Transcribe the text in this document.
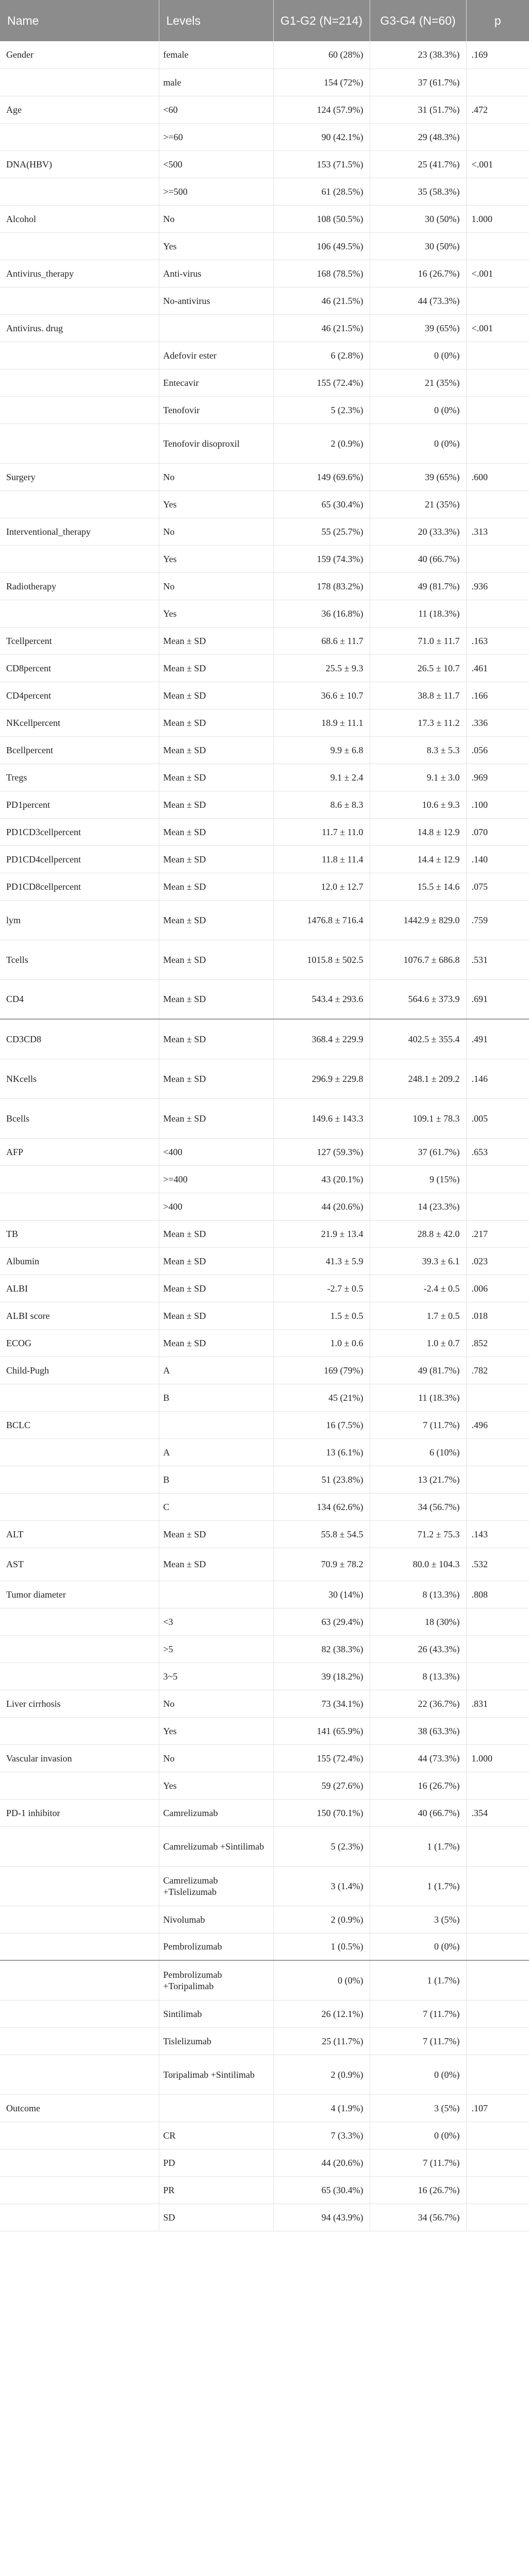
Name	Levels	G1-G2 (N=214)	G3-G4 (N=60)	p
Gender	female	60 (28%)	23 (38.3%)	.169
	male	154 (72%)	37 (61.7%)	
Age	<60	124 (57.9%)	31 (51.7%)	.472
	>=60	90 (42.1%)	29 (48.3%)	
DNA(HBV)	<500	153 (71.5%)	25 (41.7%)	<.001
	>=500	61 (28.5%)	35 (58.3%)	
Alcohol	No	108 (50.5%)	30 (50%)	1.000
	Yes	106 (49.5%)	30 (50%)	
Antivirus_therapy	Anti-virus	168 (78.5%)	16 (26.7%)	<.001
	No-antivirus	46 (21.5%)	44 (73.3%)	
Antivirus. drug		46 (21.5%)	39 (65%)	<.001
	Adefovir ester	6 (2.8%)	0 (0%)	
	Entecavir	155 (72.4%)	21 (35%)	
	Tenofovir	5 (2.3%)	0 (0%)	
	Tenofovir disoproxil	2 (0.9%)	0 (0%)	
Surgery	No	149 (69.6%)	39 (65%)	.600
	Yes	65 (30.4%)	21 (35%)	
Interventional_therapy	No	55 (25.7%)	20 (33.3%)	.313
	Yes	159 (74.3%)	40 (66.7%)	
Radiotherapy	No	178 (83.2%)	49 (81.7%)	.936
	Yes	36 (16.8%)	11 (18.3%)	
Tcellpercent	Mean ± SD	68.6 ± 11.7	71.0 ± 11.7	.163
CD8percent	Mean ± SD	25.5 ± 9.3	26.5 ± 10.7	.461
CD4percent	Mean ± SD	36.6 ± 10.7	38.8 ± 11.7	.166
NKcellpercent	Mean ± SD	18.9 ± 11.1	17.3 ± 11.2	.336
Bcellpercent	Mean ± SD	9.9 ± 6.8	8.3 ± 5.3	.056
Tregs	Mean ± SD	9.1 ± 2.4	9.1 ± 3.0	.969
PD1percent	Mean ± SD	8.6 ± 8.3	10.6 ± 9.3	.100
PD1CD3cellpercent	Mean ± SD	11.7 ± 11.0	14.8 ± 12.9	.070
PD1CD4cellpercent	Mean ± SD	11.8 ± 11.4	14.4 ± 12.9	.140
PD1CD8cellpercent	Mean ± SD	12.0 ± 12.7	15.5 ± 14.6	.075
lym	Mean ± SD	1476.8 ± 716.4	1442.9 ± 829.0	.759
Tcells	Mean ± SD	1015.8 ± 502.5	1076.7 ± 686.8	.531
CD4	Mean ± SD	543.4 ± 293.6	564.6 ± 373.9	.691
CD3CD8	Mean ± SD	368.4 ± 229.9	402.5 ± 355.4	.491
NKcells	Mean ± SD	296.9 ± 229.8	248.1 ± 209.2	.146
Bcells	Mean ± SD	149.6 ± 143.3	109.1 ± 78.3	.005
AFP	<400	127 (59.3%)	37 (61.7%)	.653
	>=400	43 (20.1%)	9 (15%)	
	>400	44 (20.6%)	14 (23.3%)	
TB	Mean ± SD	21.9 ± 13.4	28.8 ± 42.0	.217
Albumin	Mean ± SD	41.3 ± 5.9	39.3 ± 6.1	.023
ALBI	Mean ± SD	-2.7 ± 0.5	-2.4 ± 0.5	.006
ALBI score	Mean ± SD	1.5 ± 0.5	1.7 ± 0.5	.018
ECOG	Mean ± SD	1.0 ± 0.6	1.0 ± 0.7	.852
Child-Pugh	A	169 (79%)	49 (81.7%)	.782
	B	45 (21%)	11 (18.3%)	
BCLC		16 (7.5%)	7 (11.7%)	.496
	A	13 (6.1%)	6 (10%)	
	B	51 (23.8%)	13 (21.7%)	
	C	134 (62.6%)	34 (56.7%)	
ALT	Mean ± SD	55.8 ± 54.5	71.2 ± 75.3	.143
AST	Mean ± SD	70.9 ± 78.2	80.0 ± 104.3	.532
Tumor diameter		30 (14%)	8 (13.3%)	.808
	<3	63 (29.4%)	18 (30%)	
	>5	82 (38.3%)	26 (43.3%)	
	3~5	39 (18.2%)	8 (13.3%)	
Liver cirrhosis	No	73 (34.1%)	22 (36.7%)	.831
	Yes	141 (65.9%)	38 (63.3%)	
Vascular invasion	No	155 (72.4%)	44 (73.3%)	1.000
	Yes	59 (27.6%)	16 (26.7%)	
PD-1 inhibitor	Camrelizumab	150 (70.1%)	40 (66.7%)	.354
	Camrelizumab +Sintilimab	5 (2.3%)	1 (1.7%)	
	Camrelizumab +Tislelizumab	3 (1.4%)	1 (1.7%)	
	Nivolumab	2 (0.9%)	3 (5%)	
	Pembrolizumab	1 (0.5%)	0 (0%)	
	Pembrolizumab +Toripalimab	0 (0%)	1 (1.7%)	
	Sintilimab	26 (12.1%)	7 (11.7%)	
	Tislelizumab	25 (11.7%)	7 (11.7%)	
	Toripalimab +Sintilimab	2 (0.9%)	0 (0%)	
Outcome		4 (1.9%)	3 (5%)	.107
	CR	7 (3.3%)	0 (0%)	
	PD	44 (20.6%)	7 (11.7%)	
	PR	65 (30.4%)	16 (26.7%)	
	SD	94 (43.9%)	34 (56.7%)	
